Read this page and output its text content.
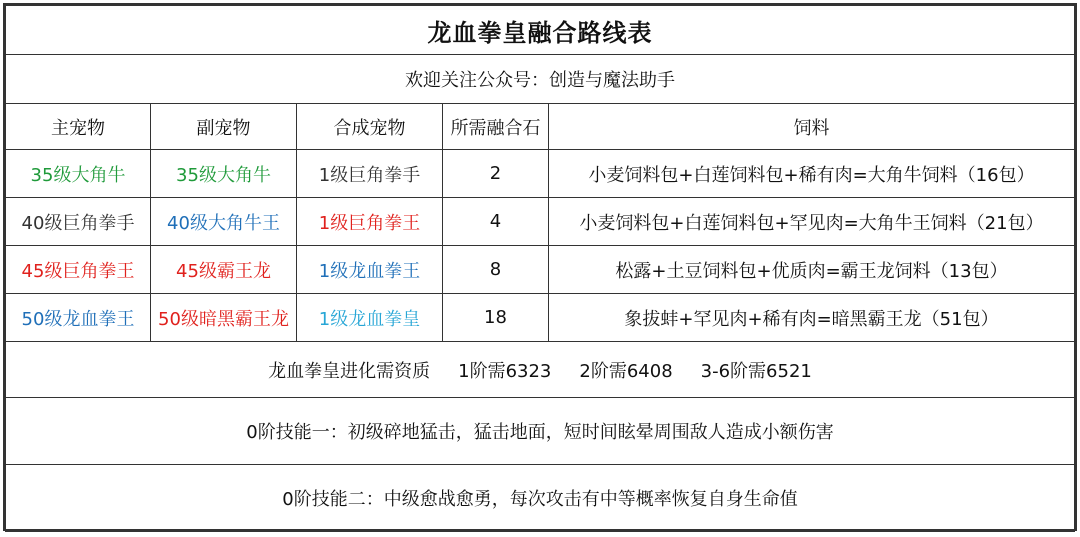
龙血拳皇融合路线表				
欢迎关注公众号：创造与魔法助手				
主宠物	副宠物	合成宠物	所需融合石	饲料
35级大角牛	35级大角牛	1级巨角拳手	2	小麦饲料包+白莲饲料包+稀有肉=大角牛饲料（16包）
40级巨角拳手	40级大角牛王	1级巨角拳王	4	小麦饲料包+白莲饲料包+罕见肉=大角牛王饲料（21包）
45级巨角拳王	45级霸王龙	1级龙血拳王	8	松露+土豆饲料包+优质肉=霸王龙饲料（13包）
50级龙血拳王	50级暗黑霸王龙	1级龙血拳皇	18	象拔蚌+罕见肉+稀有肉=暗黑霸王龙（51包）
龙血拳皇进化需资质 1阶需6323 2阶需6408 3-6阶需6521				
0阶技能一：初级碎地猛击，猛击地面，短时间眩晕周围敌人造成小额伤害				
0阶技能二：中级愈战愈勇，每次攻击有中等概率恢复自身生命值				
